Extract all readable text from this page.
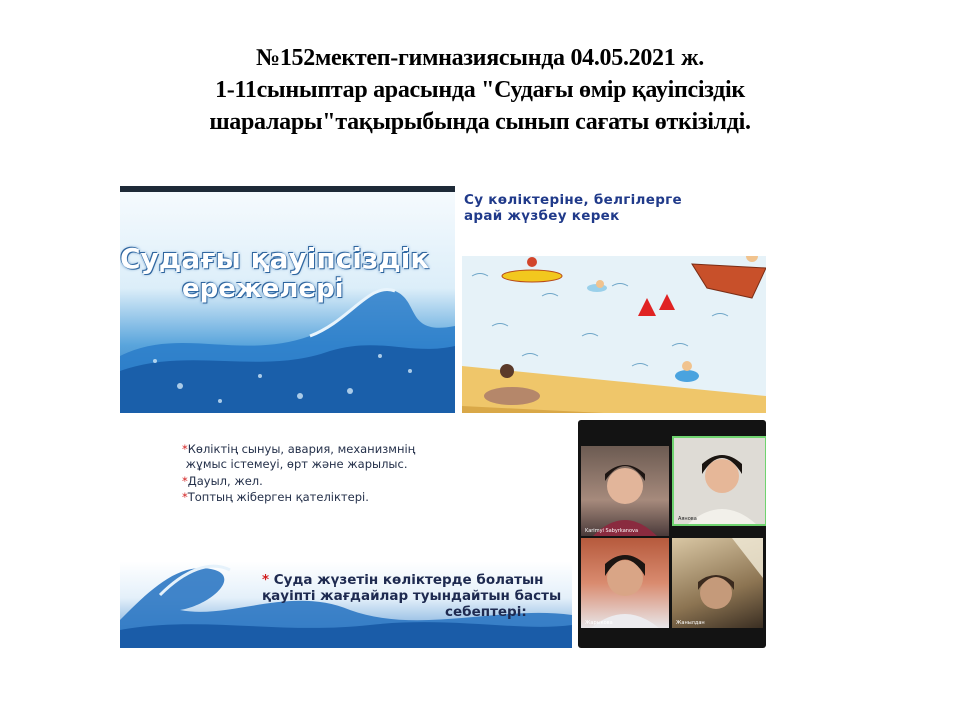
№152мектеп-гимназиясында 04.05.2021 ж.
1-11сыныптар арасында "Судағы өмір қауіпсіздік
шаралары"тақырыбында сынып сағаты өткізілді.
Судағы қауіпсіздік
ережелері
Су көліктеріне, белгілерге
арай жүзбеу керек
*Көліктің сынуы, авария, механизмнің
жұмыс істемеуі, өрт және жарылыс.
*Дауыл, жел.
*Топтың жіберген қателіктері.
* Суда жүзетін көліктерде болатын
қауіпті жағдайлар туындайтын басты
себептері:
Karimyi Sabyrkanova
Аянова
Жарыкова	Жанылдан
